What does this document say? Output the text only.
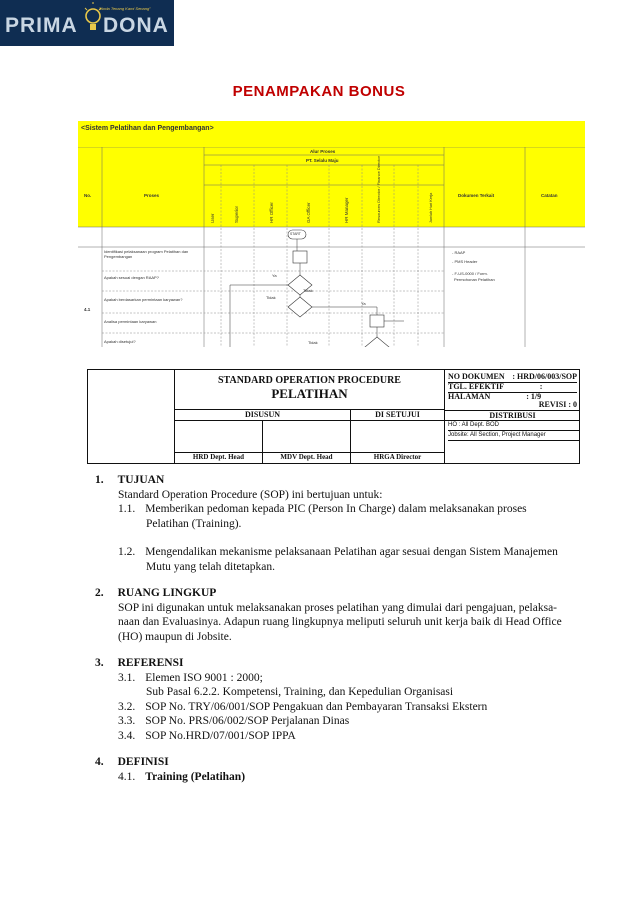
PRIMA DONA
"Anda Tenang Kami Senang"
PENAMPAKAN BONUS
<Sistem Pelatihan dan Pengembangan>
No.	Proses
Alur Proses
PT. Selalu Maju
Dokumen Terkait	Catatan
User	Superior	HR Officer	GA Officer	HR Manager	Resources Director / Finance Director	Jumlah Hari Kerja
Identifikasi pelaksanaan program Pelatihan dan Pengembangan
Apakah sesuai dengan RAAP?
Apakah berdasarkan permintaan karyawan?
Analisa permintaan karyawan
Apakah disetujui?
4.1
START
Ya
Tidak
Tidak
Ya
Tidak
- RAAP
- PMS Header
- F-US-0000 / Form.
Permohonan Pelatihan
STANDARD OPERATION PROCEDURE
PELATIHAN
NO DOKUMEN : HRD/06/003/SOP
TGL. EFEKTIF	:
HALAMAN	: 1/9
REVISI : 0
DISUSUN	DI SETUJUI	DISTRIBUSI
HO : All Dept. BOD
Jobsite: All Section, Project Manager
HRD Dept. Head	MDV Dept. Head	HRGA Director

1. TUJUAN

Standard Operation Procedure (SOP) ini bertujuan untuk:

1.1. Memberikan pedoman kepada PIC (Person In Charge) dalam melaksanakan proses

Pelatihan (Training).

1.2. Mengendalikan mekanisme pelaksanaan Pelatihan agar sesuai dengan Sistem Manajemen

Mutu yang telah ditetapkan.

2. RUANG LINGKUP

SOP ini digunakan untuk melaksanakan proses pelatihan yang dimulai dari pengajuan, pelaksa-

naan dan Evaluasinya. Adapun ruang lingkupnya meliputi seluruh unit kerja baik di Head Office

(HO) maupun di Jobsite.

3. REFERENSI

3.1. Elemen ISO 9001 : 2000;

Sub Pasal 6.2.2. Kompetensi, Training, dan Kepedulian Organisasi

3.2. SOP No. TRY/06/001/SOP Pengakuan dan Pembayaran Transaksi Ekstern

3.3. SOP No. PRS/06/002/SOP Perjalanan Dinas

3.4. SOP No.HRD/07/001/SOP IPPA

4. DEFINISI

4.1. Training (Pelatihan)
